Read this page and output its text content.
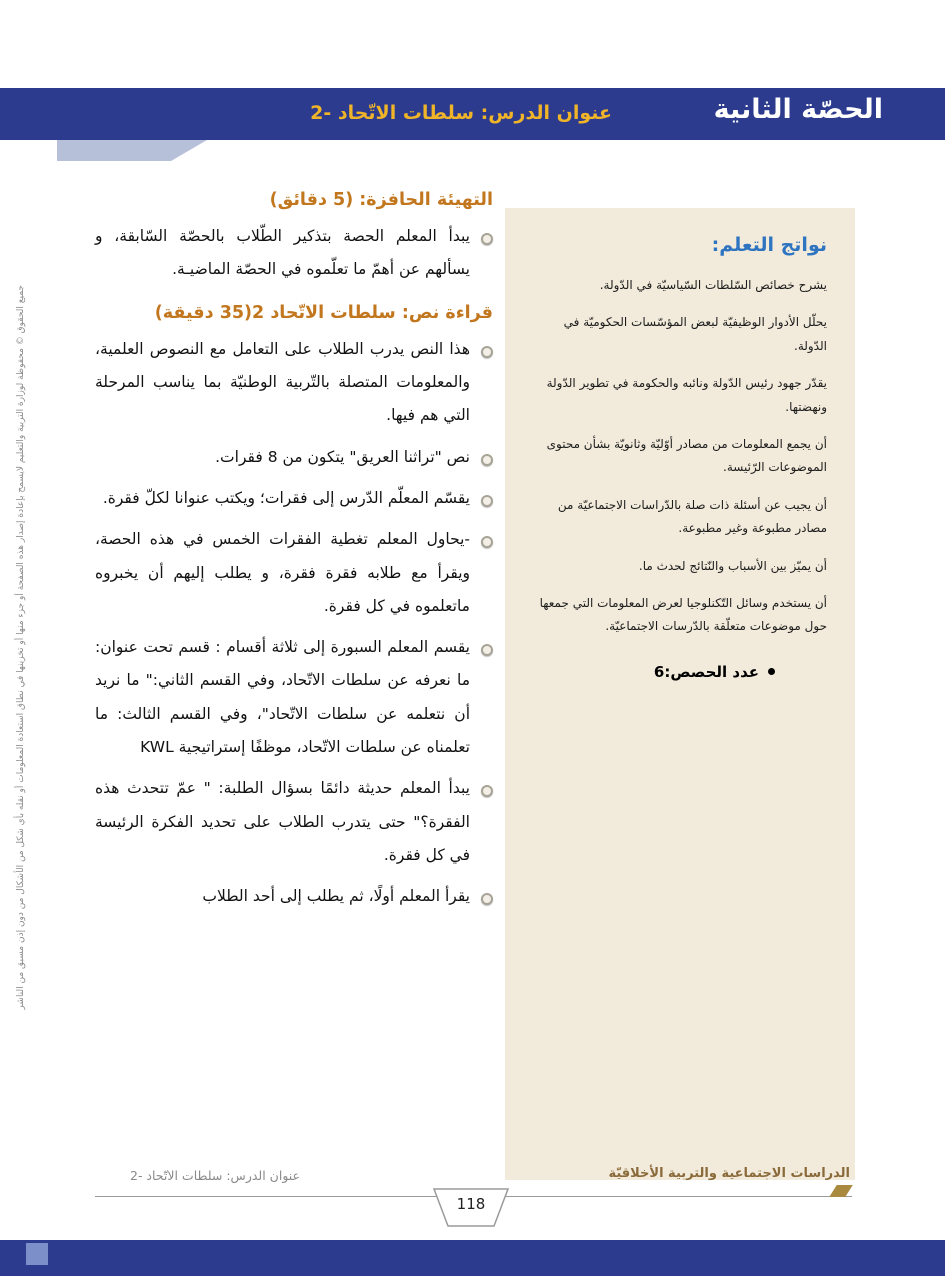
الحصّة الثانية
عنوان الدرس: سلطات الاتّحاد -2
نواتج التعلم:

يشرح خصائص السّلطات السّياسيّة في الدّولة.

يحلّل الأدوار الوظيفيّة لبعض المؤسّسات الحكوميّة في الدّولة.

يقدّر جهود رئيس الدّولة ونائبه والحكومة في تطوير الدّولة ونهضتها.

أن يجمع المعلومات من مصادر أوّليّة وثانويّة بشأن محتوى الموضوعات الرّئيسة.

أن يجيب عن أسئلة ذات صلة بالدّراسات الاجتماعيّة من مصادر مطبوعة وغير مطبوعة.

أن يميّز بين الأسباب والنّتائج لحدث ما.

أن يستخدم وسائل التّكنلوجيا لعرض المعلومات التي جمعها حول موضوعات متعلّقة بالدّرسات الاجتماعيّة.

عدد الحصص:6
التهيئة الحافزة: (5 دقائق)

يبدأ المعلم الحصة بتذكير الطّلاب بالحصّة السّابقة، و يسألهم عن أهمّ ما تعلّموه في الحصّة الماضيـة.

قراءة نص: سلطات الاتّحاد 2(35 دقيقة)

هذا النص يدرب الطلاب على التعامل مع النصوص العلمية، والمعلومات المتصلة بالتّربية الوطنيّة بما يناسب المرحلة التي هم فيها.

نص "تراثنا العريق" يتكون من 8 فقرات.

يقسّم المعلّم الدّرس إلى فقرات؛ ويكتب عنوانا لكلّ فقرة.

-يحاول المعلم تغطية الفقرات الخمس في هذه الحصة، ويقرأ مع طلابه فقرة فقرة، و يطلب إليهم أن يخبروه ماتعلموه في كل فقرة.

يقسم المعلم السبورة إلى ثلاثة أقسام : قسم تحت عنوان: ما نعرفه عن سلطات الاتّحاد، وفي القسم الثاني:" ما نريد أن نتعلمه عن سلطات الاتّحاد"، وفي القسم الثالث: ما تعلمناه عن سلطات الاتّحاد، موظفًا إستراتيجية KWL

يبدأ المعلم حديثة دائمًا بسؤال الطلبة: " عمّ تتحدث هذه الفقرة؟" حتى يتدرب الطلاب على تحديد الفكرة الرئيسة في كل فقرة.

يقرأ المعلم أولًا، ثم يطلب إلى أحد الطلاب

جميع الحقوق © محفوظة لوزارة التربية والتعليم لايسمح بإعادة إصدار هذه الصفحة أو جزء منها أو تخزينها في نطاق استعادة المعلومات أو نقله بأي شكل من الأشكال من دون إذن مسبق من الناشر
118
عنوان الدرس: سلطات الاتّحاد -2	الدراسات الاجتماعية والتربية الأخلاقيّة
